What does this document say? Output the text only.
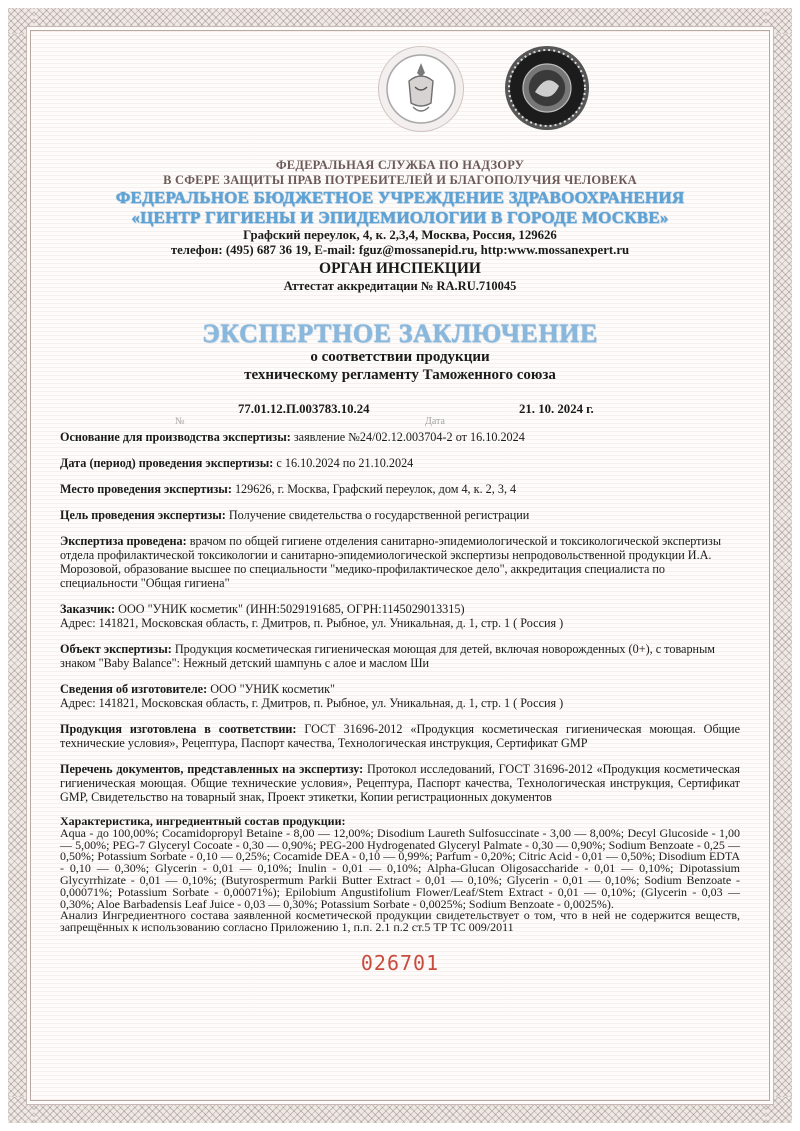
ФЕДЕРАЛЬНАЯ СЛУЖБА ПО НАДЗОРУ
В СФЕРЕ ЗАЩИТЫ ПРАВ ПОТРЕБИТЕЛЕЙ И БЛАГОПОЛУЧИЯ ЧЕЛОВЕКА
ФЕДЕРАЛЬНОЕ БЮДЖЕТНОЕ УЧРЕЖДЕНИЕ ЗДРАВООХРАНЕНИЯ
«ЦЕНТР ГИГИЕНЫ И ЭПИДЕМИОЛОГИИ В ГОРОДЕ МОСКВЕ»
Графский переулок, 4, к. 2,3,4, Москва, Россия, 129626
телефон: (495) 687 36 19, E-mail: fguz@mossanepid.ru, http:www.mossanexpert.ru
ОРГАН ИНСПЕКЦИИ
Аттестат аккредитации № RA.RU.710045
ЭКСПЕРТНОЕ ЗАКЛЮЧЕНИЕ
о соответствии продукции
техническому регламенту Таможенного союза
77.01.12.П.003783.10.24	21. 10. 2024 г.
№	Дата
Основание для производства экспертизы: заявление №24/02.12.003704-2 от 16.10.2024
Дата (период) проведения экспертизы: с 16.10.2024 по 21.10.2024
Место проведения экспертизы: 129626, г. Москва, Графский переулок, дом 4, к. 2, 3, 4
Цель проведения экспертизы: Получение свидетельства о государственной регистрации
Экспертиза проведена: врачом по общей гигиене отделения санитарно-эпидемиологической и токсикологической экспертизы отдела профилактической токсикологии и санитарно-эпидемиологической экспертизы непродовольственной продукции И.А. Морозовой, образование высшее по специальности "медико-профилактическое дело", аккредитация специалиста по специальности "Общая гигиена"
Заказчик: ООО "УНИК косметик" (ИНН:5029191685, ОГРН:1145029013315)
Адрес: 141821, Московская область, г. Дмитров, п. Рыбное, ул. Уникальная, д. 1, стр. 1 ( Россия )
Объект экспертизы: Продукция косметическая гигиеническая моющая для детей, включая новорожденных (0+), с товарным знаком "Baby Balance": Нежный детский шампунь с алое и маслом Ши
Сведения об изготовителе: ООО "УНИК косметик"
Адрес: 141821, Московская область, г. Дмитров, п. Рыбное, ул. Уникальная, д. 1, стр. 1 ( Россия )
Продукция изготовлена в соответствии: ГОСТ 31696-2012 «Продукция косметическая гигиеническая моющая. Общие технические условия», Рецептура, Паспорт качества, Технологическая инструкция, Сертификат GMP
Перечень документов, представленных на экспертизу: Протокол исследований, ГОСТ 31696-2012 «Продукция косметическая гигиеническая моющая. Общие технические условия», Рецептура, Паспорт качества, Технологическая инструкция, Сертификат GMP, Свидетельство на товарный знак, Проект этикетки, Копии регистрационных документов
Характеристика, ингредиентный состав продукции:
Aqua - до 100,00%; Cocamidopropyl Betaine - 8,00 — 12,00%; Disodium Laureth Sulfosuccinate - 3,00 — 8,00%; Decyl Glucoside - 1,00 — 5,00%; PEG-7 Glyceryl Cocoate - 0,30 — 0,90%; PEG-200 Hydrogenated Glyceryl Palmate - 0,30 — 0,90%; Sodium Benzoate - 0,25 — 0,50%; Potassium Sorbate - 0,10 — 0,25%; Cocamide DEA - 0,10 — 0,99%; Parfum - 0,20%; Citric Acid - 0,01 — 0,50%; Disodium EDTA - 0,10 — 0,30%; Glycerin - 0,01 — 0,10%; Inulin - 0,01 — 0,10%; Alpha-Glucan Oligosaccharide - 0,01 — 0,10%; Dipotassium Glycyrrhizate - 0,01 — 0,10%; (Butyrospermum Parkii Butter Extract - 0,01 — 0,10%; Glycerin - 0,01 — 0,10%; Sodium Benzoate - 0,00071%; Potassium Sorbate - 0,00071%); Epilobium Angustifolium Flower/Leaf/Stem Extract - 0,01 — 0,10%; (Glycerin - 0,03 — 0,30%; Aloe Barbadensis Leaf Juice - 0,03 — 0,30%; Potassium Sorbate - 0,0025%; Sodium Benzoate - 0,0025%).
Анализ Ингредиентного состава заявленной косметической продукции свидетельствует о том, что в ней не содержится веществ, запрещённых к использованию согласно Приложению 1, п.п. 2.1 п.2 ст.5 ТР ТС 009/2011
026701
